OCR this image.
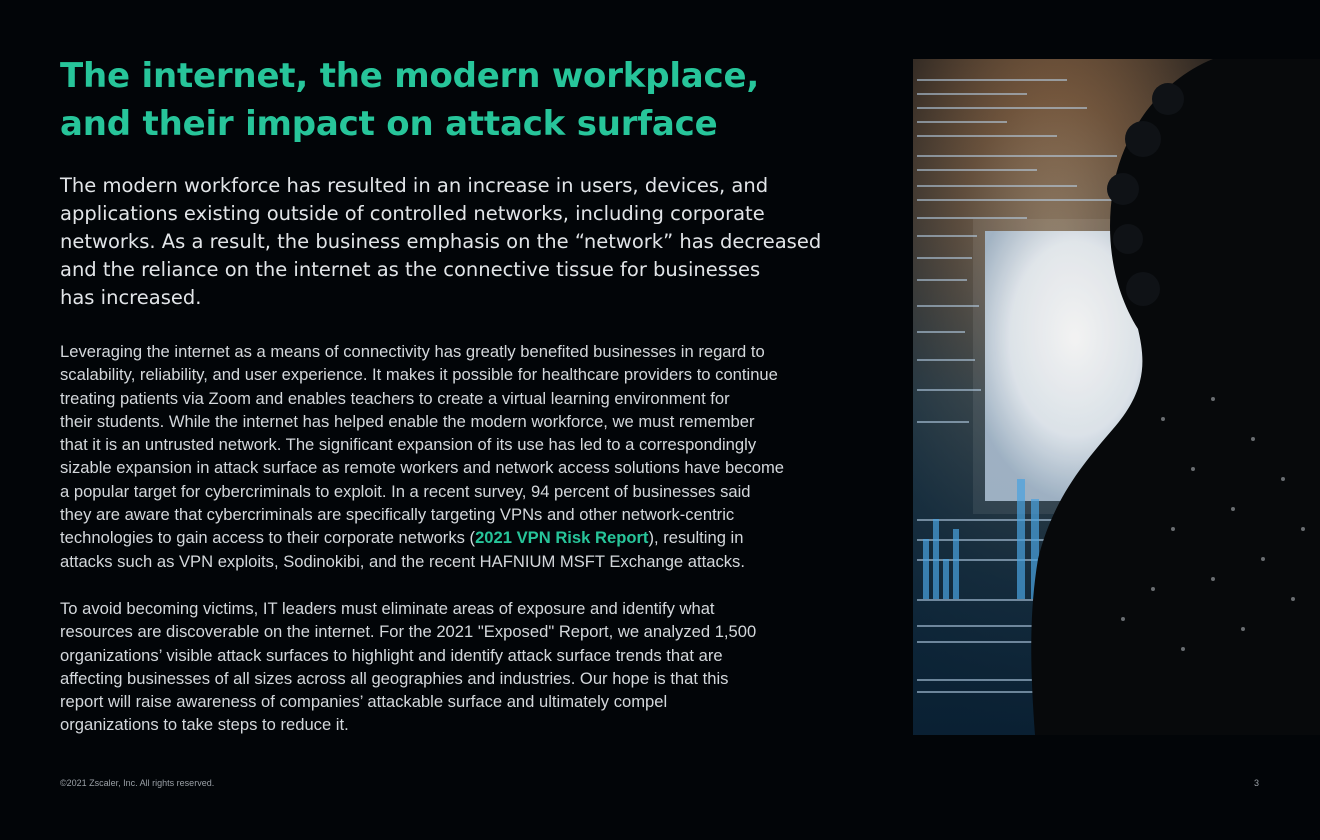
The internet, the modern workplace,
and their impact on attack surface

The modern workforce has resulted in an increase in users, devices, and
applications existing outside of controlled networks, including corporate
networks. As a result, the business emphasis on the “network” has decreased
and the reliance on the internet as the connective tissue for businesses
has increased.

Leveraging the internet as a means of connectivity has greatly benefited businesses in regard to
scalability, reliability, and user experience. It makes it possible for healthcare providers to continue
treating patients via Zoom and enables teachers to create a virtual learning environment for
their students. While the internet has helped enable the modern workforce, we must remember
that it is an untrusted network. The significant expansion of its use has led to a correspondingly
sizable expansion in attack surface as remote workers and network access solutions have become
a popular target for cybercriminals to exploit. In a recent survey, 94 percent of businesses said
they are aware that cybercriminals are specifically targeting VPNs and other network-centric
technologies to gain access to their corporate networks (2021 VPN Risk Report), resulting in
attacks such as VPN exploits, Sodinokibi, and the recent HAFNIUM MSFT Exchange attacks.

To avoid becoming victims, IT leaders must eliminate areas of exposure and identify what
resources are discoverable on the internet. For the 2021 "Exposed" Report, we analyzed 1,500
organizations’ visible attack surfaces to highlight and identify attack surface trends that are
affecting businesses of all sizes across all geographies and industries. Our hope is that this
report will raise awareness of companies’ attackable surface and ultimately compel
organizations to take steps to reduce it.

©2021 Zscaler, Inc. All rights reserved.	3
